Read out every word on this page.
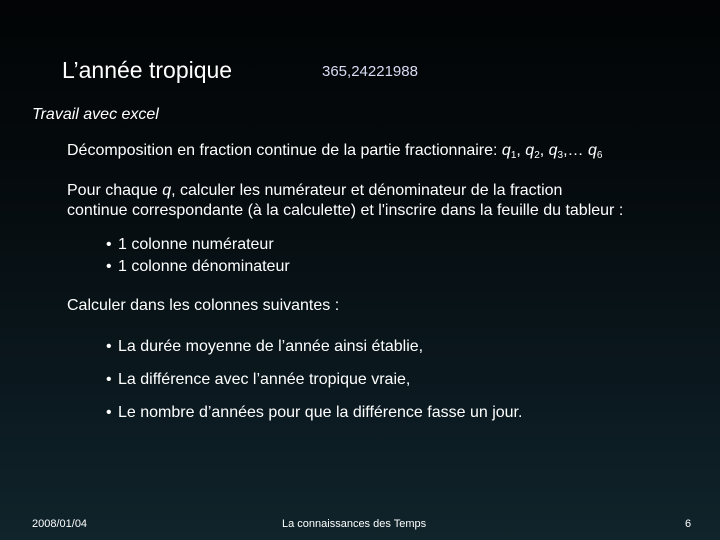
L’année tropique	365,24221988
Travail avec excel
Décomposition en fraction continue de la partie fractionnaire: $q_1$, $q_2$, $q_3,\dots$ $q_6$
Pour chaque q, calculer les numérateur et dénominateur de la fraction
continue correspondante (à la calculette) et l'inscrire dans la feuille du tableur :
• 1 colonne numérateur
• 1 colonne dénominateur
Calculer dans les colonnes suivantes :
• La durée moyenne de l’année ainsi établie,
• La différence avec l’année tropique vraie,
• Le nombre d’années pour que la différence fasse un jour.
2008/01/04	La connaissances des Temps	6
